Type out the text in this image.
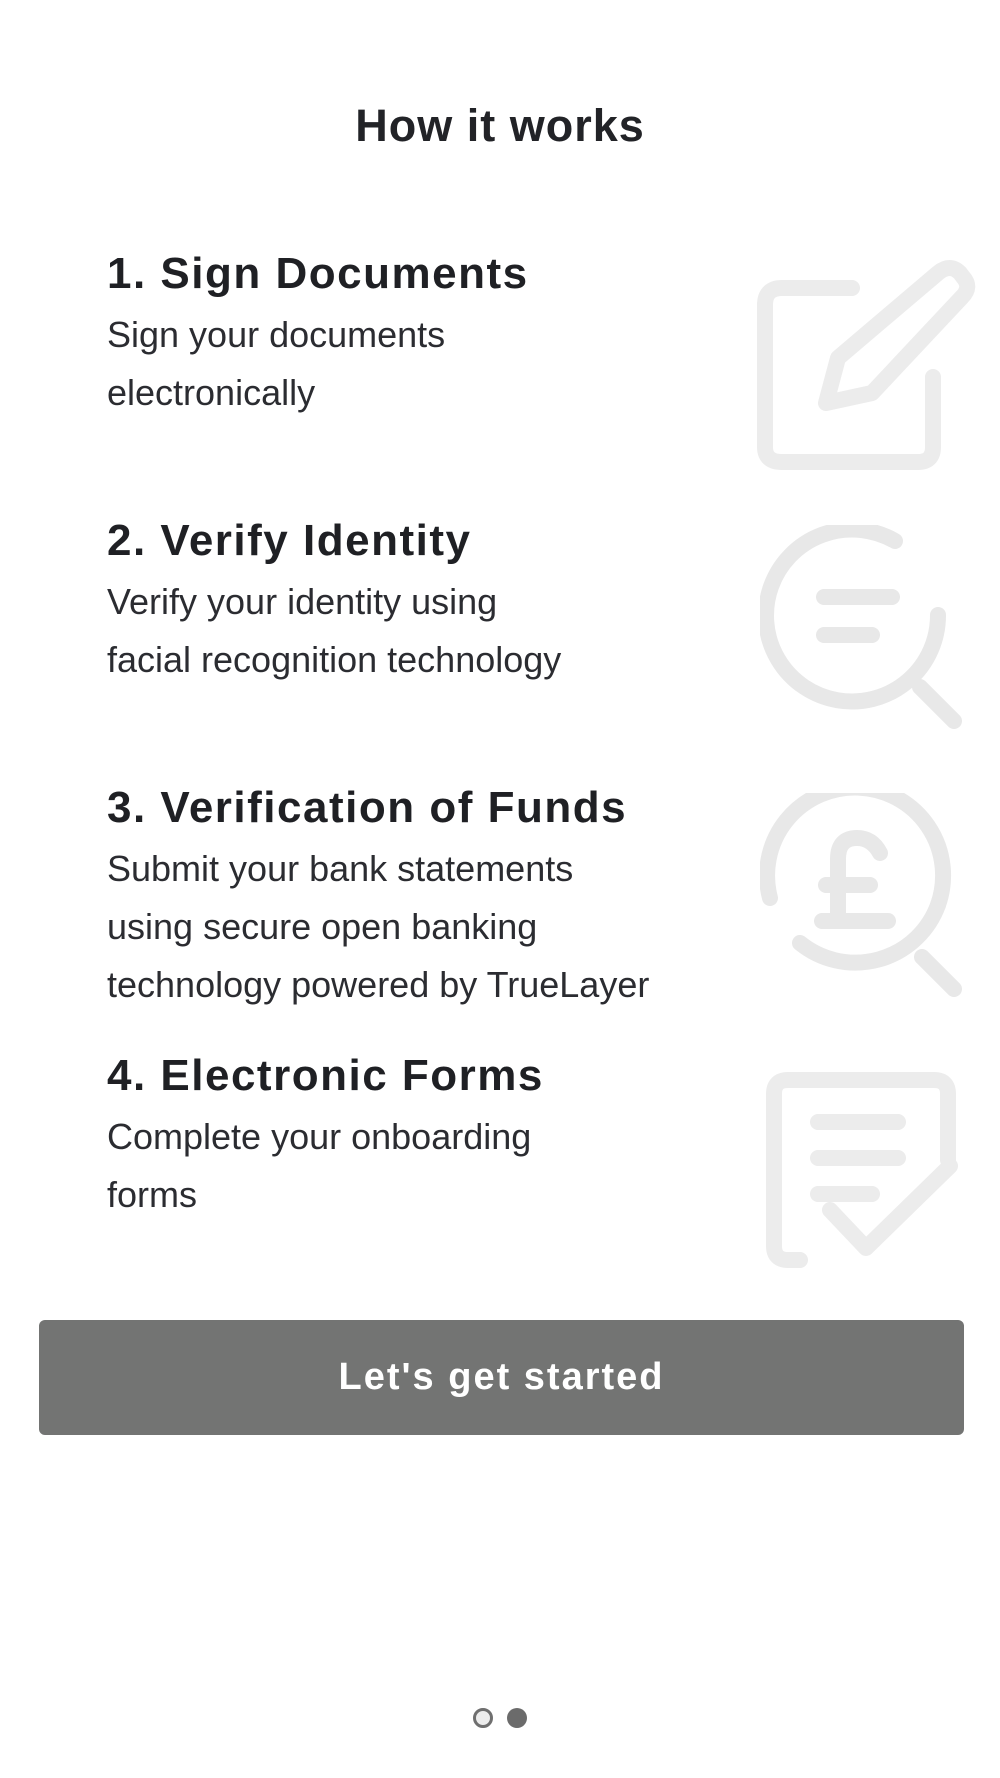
How it works
1. Sign Documents
Sign your documents
electronically
2. Verify Identity
Verify your identity using
facial recognition technology
3. Verification of Funds
Submit your bank statements
using secure open banking
technology powered by TrueLayer
4. Electronic Forms
Complete your onboarding
forms
Let's get started
